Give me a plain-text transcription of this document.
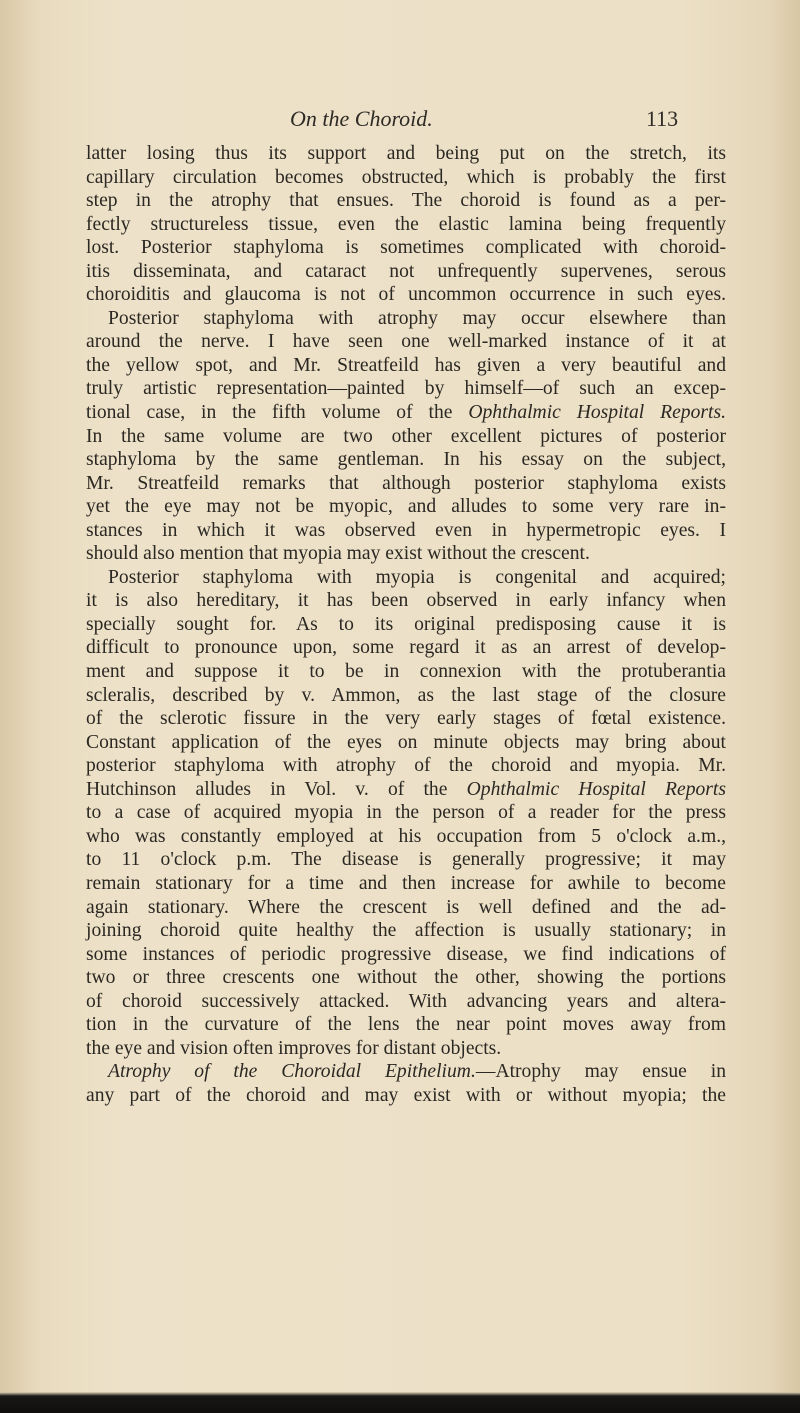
On the Choroid.	113
latter losing thus its support and being put on the stretch, its
capillary circulation becomes obstructed, which is probably the first
step in the atrophy that ensues. The choroid is found as a per-
fectly structureless tissue, even the elastic lamina being frequently
lost. Posterior staphyloma is sometimes complicated with choroid-
itis disseminata, and cataract not unfrequently supervenes, serous
choroiditis and glaucoma is not of uncommon occurrence in such eyes.
Posterior staphyloma with atrophy may occur elsewhere than
around the nerve. I have seen one well-marked instance of it at
the yellow spot, and Mr. Streatfeild has given a very beautiful and
truly artistic representation—painted by himself—of such an excep-
tional case, in the fifth volume of the Ophthalmic Hospital Reports.
In the same volume are two other excellent pictures of posterior
staphyloma by the same gentleman. In his essay on the subject,
Mr. Streatfeild remarks that although posterior staphyloma exists
yet the eye may not be myopic, and alludes to some very rare in-
stances in which it was observed even in hypermetropic eyes. I
should also mention that myopia may exist without the crescent.
Posterior staphyloma with myopia is congenital and acquired;
it is also hereditary, it has been observed in early infancy when
specially sought for. As to its original predisposing cause it is
difficult to pronounce upon, some regard it as an arrest of develop-
ment and suppose it to be in connexion with the protuberantia
scleralis, described by v. Ammon, as the last stage of the closure
of the sclerotic fissure in the very early stages of fœtal existence.
Constant application of the eyes on minute objects may bring about
posterior staphyloma with atrophy of the choroid and myopia. Mr.
Hutchinson alludes in Vol. v. of the Ophthalmic Hospital Reports
to a case of acquired myopia in the person of a reader for the press
who was constantly employed at his occupation from 5 o'clock a.m.,
to 11 o'clock p.m. The disease is generally progressive; it may
remain stationary for a time and then increase for awhile to become
again stationary. Where the crescent is well defined and the ad-
joining choroid quite healthy the affection is usually stationary; in
some instances of periodic progressive disease, we find indications of
two or three crescents one without the other, showing the portions
of choroid successively attacked. With advancing years and altera-
tion in the curvature of the lens the near point moves away from
the eye and vision often improves for distant objects.
Atrophy of the Choroidal Epithelium.—Atrophy may ensue in
any part of the choroid and may exist with or without myopia; the
